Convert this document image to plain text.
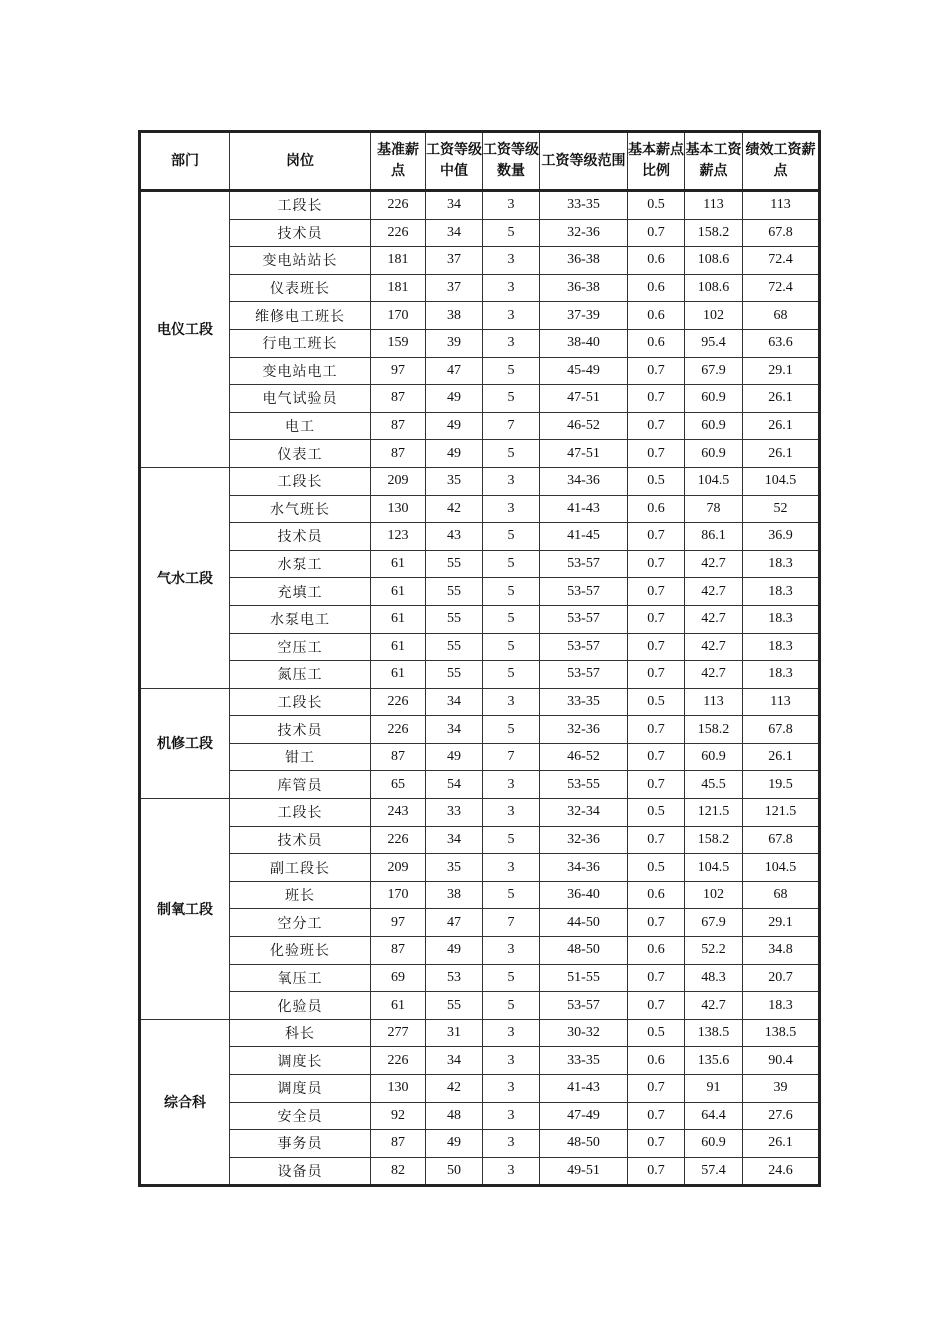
部门	岗位	基准薪点	工资等级中值	工资等级数量	工资等级范围	基本薪点比例	基本工资薪点	绩效工资薪点
电仪工段	工段长	226	34	3	33-35	0.5	113	113
	技术员	226	34	5	32-36	0.7	158.2	67.8
	变电站站长	181	37	3	36-38	0.6	108.6	72.4
	仪表班长	181	37	3	36-38	0.6	108.6	72.4
	维修电工班长	170	38	3	37-39	0.6	102	68
	行电工班长	159	39	3	38-40	0.6	95.4	63.6
	变电站电工	97	47	5	45-49	0.7	67.9	29.1
	电气试验员	87	49	5	47-51	0.7	60.9	26.1
	电工	87	49	7	46-52	0.7	60.9	26.1
	仪表工	87	49	5	47-51	0.7	60.9	26.1
气水工段	工段长	209	35	3	34-36	0.5	104.5	104.5
	水气班长	130	42	3	41-43	0.6	78	52
	技术员	123	43	5	41-45	0.7	86.1	36.9
	水泵工	61	55	5	53-57	0.7	42.7	18.3
	充填工	61	55	5	53-57	0.7	42.7	18.3
	水泵电工	61	55	5	53-57	0.7	42.7	18.3
	空压工	61	55	5	53-57	0.7	42.7	18.3
	氮压工	61	55	5	53-57	0.7	42.7	18.3
机修工段	工段长	226	34	3	33-35	0.5	113	113
	技术员	226	34	5	32-36	0.7	158.2	67.8
	钳工	87	49	7	46-52	0.7	60.9	26.1
	库管员	65	54	3	53-55	0.7	45.5	19.5
制氧工段	工段长	243	33	3	32-34	0.5	121.5	121.5
	技术员	226	34	5	32-36	0.7	158.2	67.8
	副工段长	209	35	3	34-36	0.5	104.5	104.5
	班长	170	38	5	36-40	0.6	102	68
	空分工	97	47	7	44-50	0.7	67.9	29.1
	化验班长	87	49	3	48-50	0.6	52.2	34.8
	氧压工	69	53	5	51-55	0.7	48.3	20.7
	化验员	61	55	5	53-57	0.7	42.7	18.3
综合科	科长	277	31	3	30-32	0.5	138.5	138.5
	调度长	226	34	3	33-35	0.6	135.6	90.4
	调度员	130	42	3	41-43	0.7	91	39
	安全员	92	48	3	47-49	0.7	64.4	27.6
	事务员	87	49	3	48-50	0.7	60.9	26.1
	设备员	82	50	3	49-51	0.7	57.4	24.6
